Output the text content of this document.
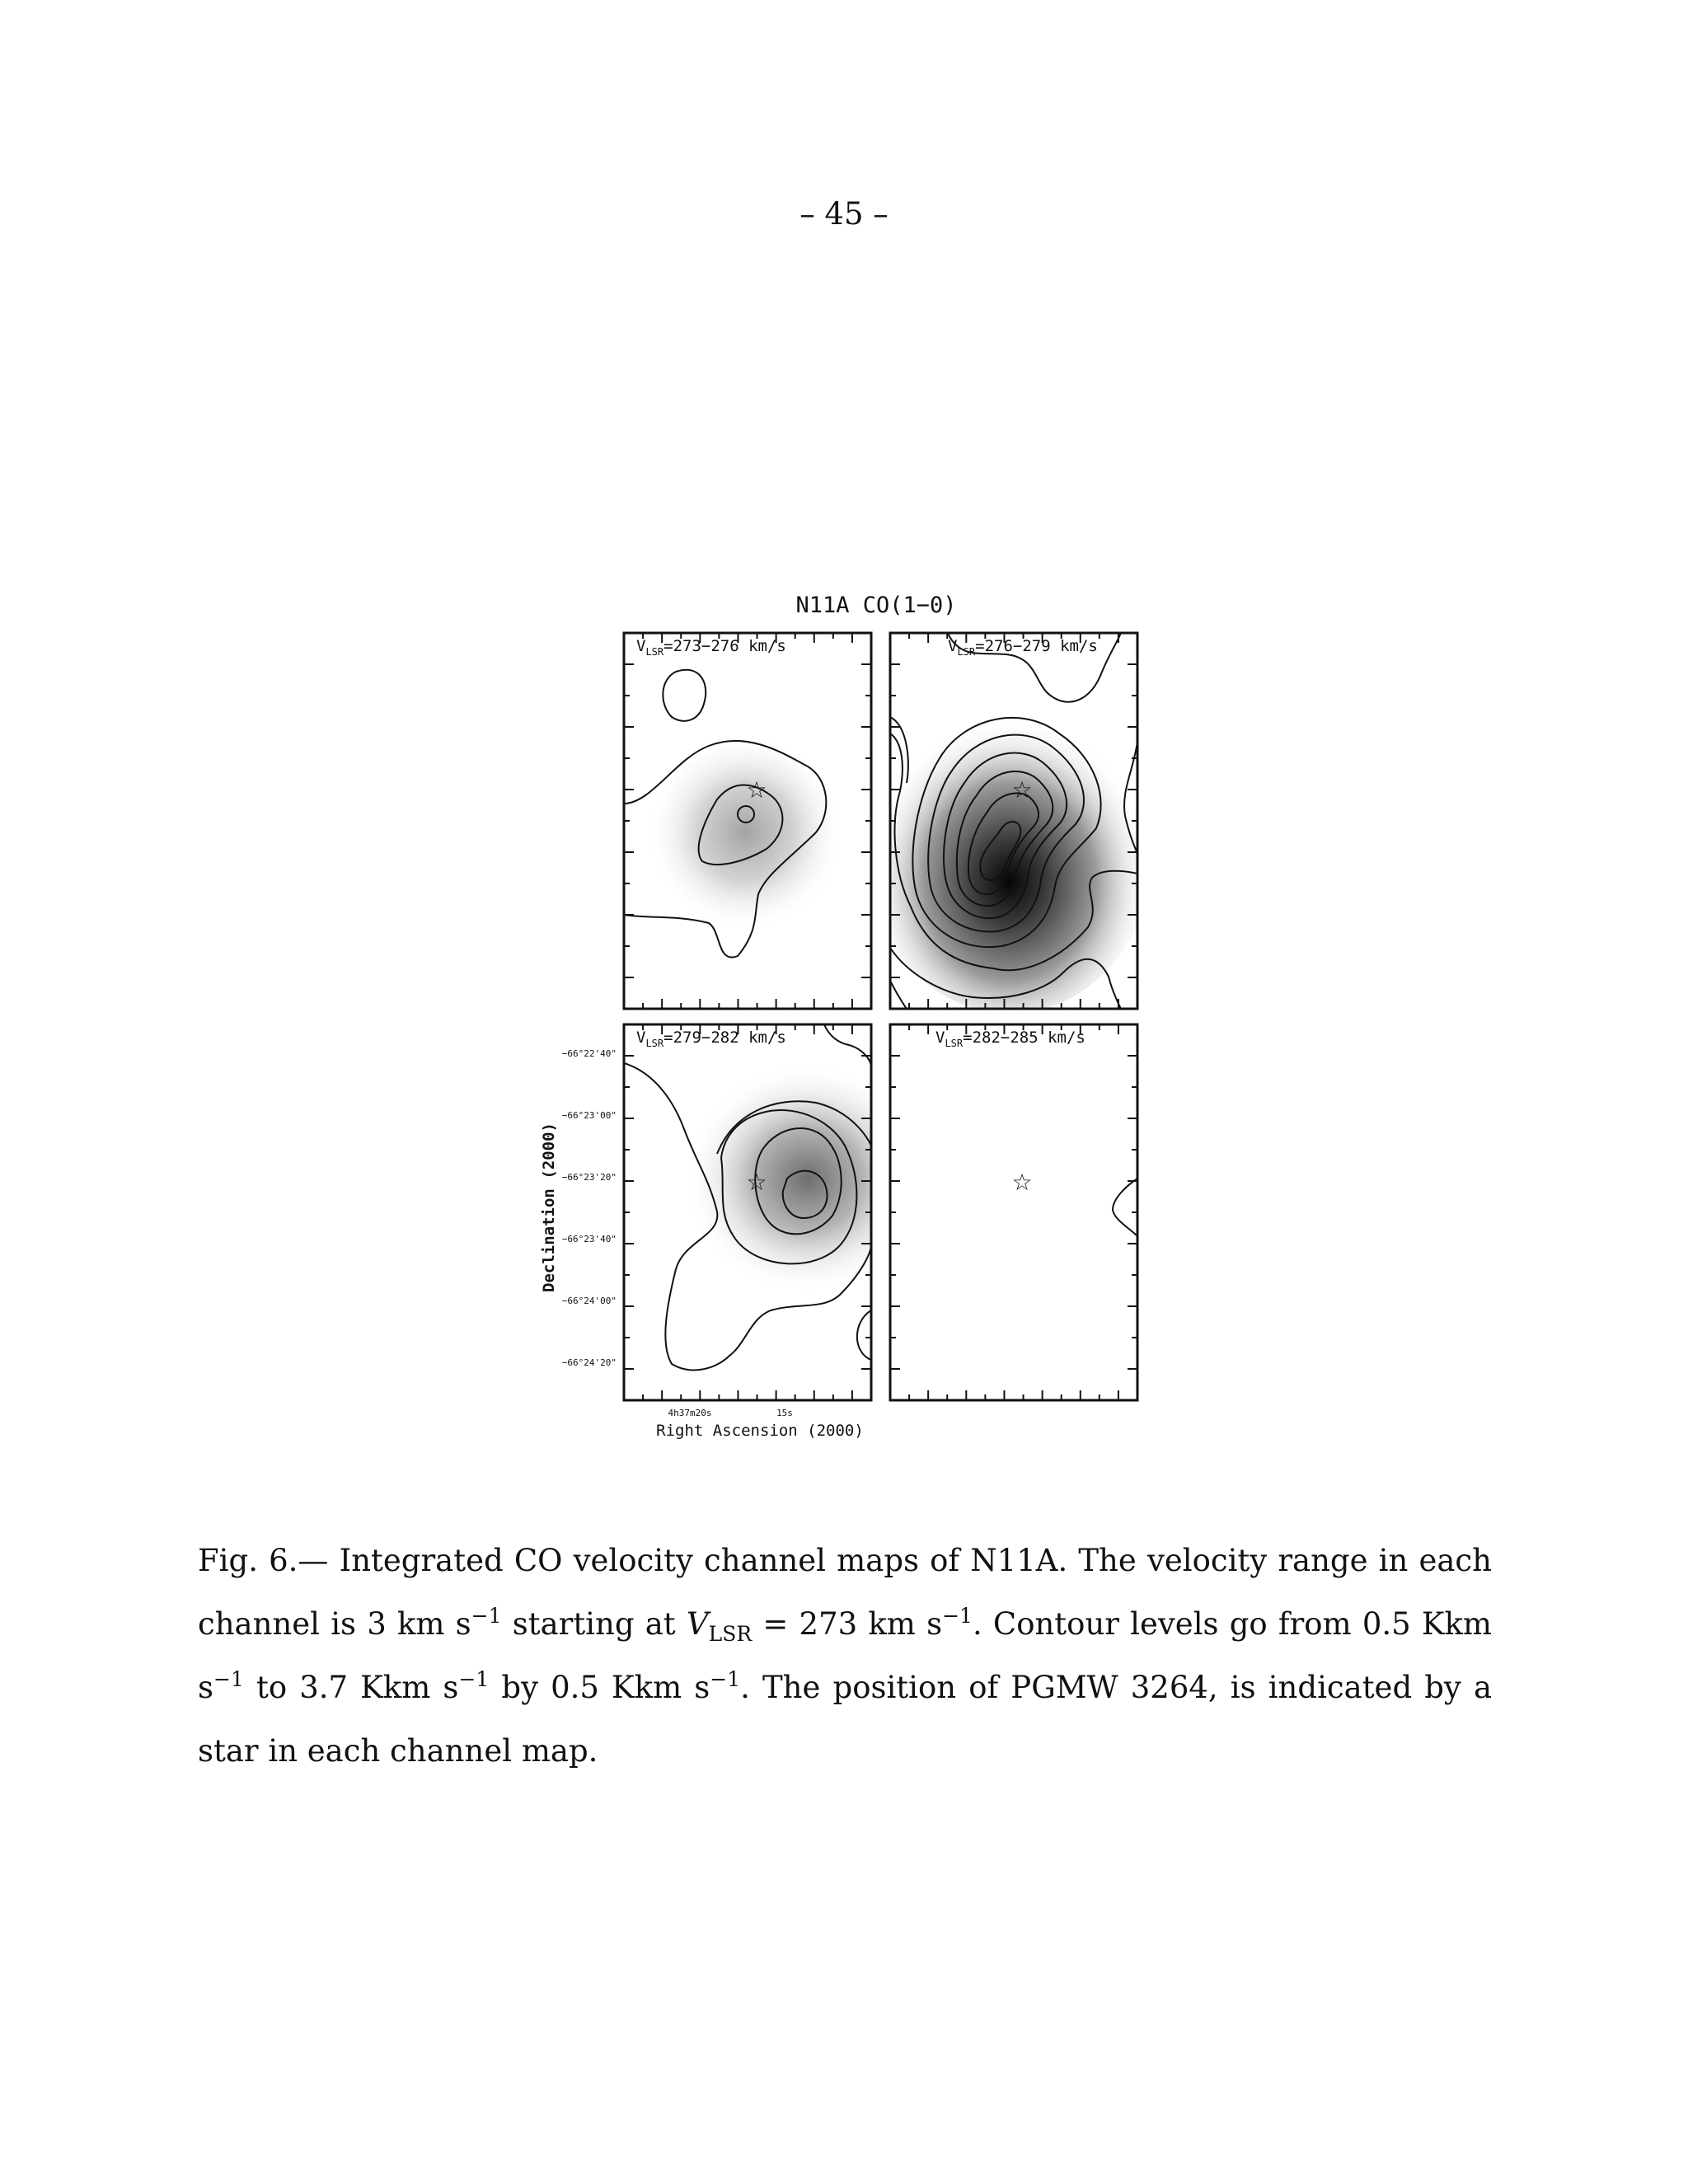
– 45 –
N11A CO(1−0)
☆	☆
☆	☆
$V_{LSR}=273-276$ km/s	$V_{LSR}=276-279$ km/s
$V_{LSR}=279-282$ km/s	$V_{LSR}=282-285$ km/s
−66°22'40"
−66°23'00"
−66°23'20"
−66°23'40"
−66°24'00"
−66°24'20"
Declination (2000)
4h37m20s	15s
Right Ascension (2000)

Fig. 6.— Integrated CO velocity channel maps of N11A. The velocity range in each channel is 3 km $s^{-1}$ starting at $V_{LSR} = 273$ km $s^{-1}$. Contour levels go from 0.5 Kkm $s^{-1}$ to 3.7 Kkm $s^{-1}$ by 0.5 Kkm $s^{-1}$. The position of PGMW 3264, is indicated by a star in each channel map.
